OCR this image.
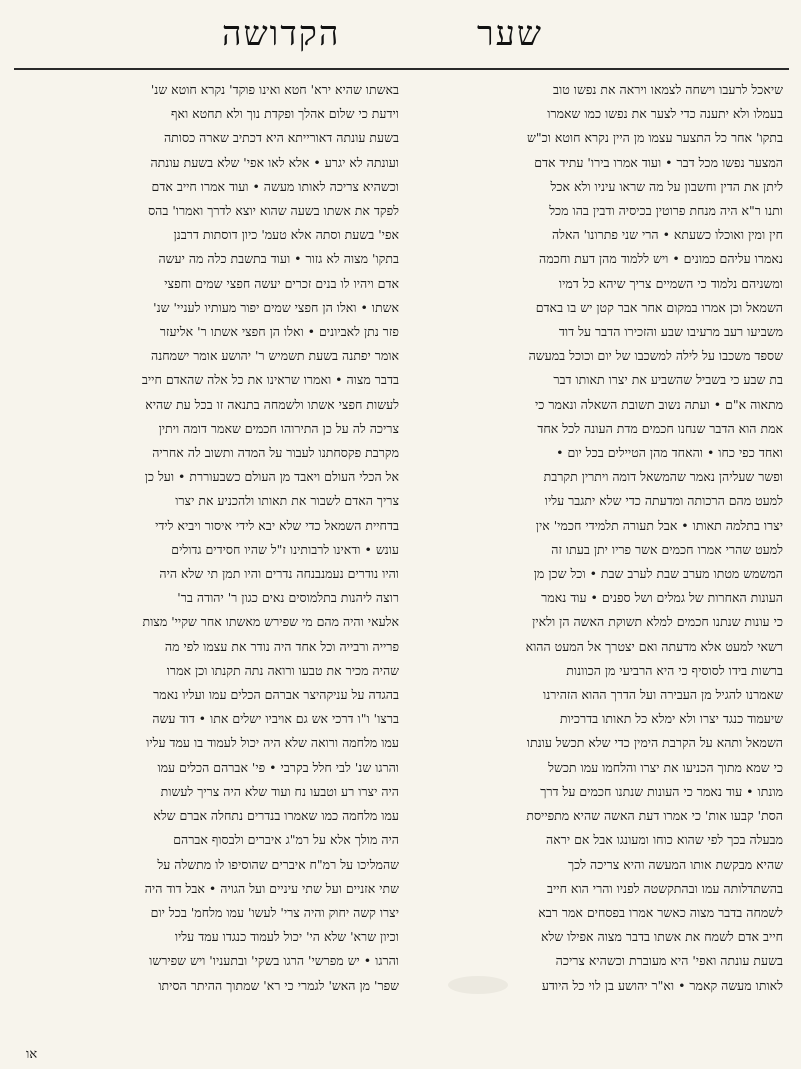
שער
הקדושה

שיאכל לרעבו וישחה לצמאו ויראה את נפשו טוב
בעמלו ולא יתענה כדי לצער את נפשו כמו שאמרו
בתקו' אחר כל התצער עצמו מן היין נקרא חוטא וכ"ש
המצער נפשו מכל דבר • ועוד אמרו בירו' עתיד אדם
ליתן את הדין וחשבון על מה שראו עיניו ולא אכל
ותנו ר"א היה מנחת פרוטין בכיסיה ודבין בהו מכל
חין ומין ואוכלו כשעתא • הרי שני פתרונו' האלה
נאמרו עליהם כמונים • ויש ללמוד מהן דעת וחכמה
ומשניהם נלמוד כי השמיים צריך שיהא כל דמיו
השמאל וכן אמרו במקום אחר אבר קטן יש בו באדם
משביעו רעב מרעיבו שבע והזכירו הדבר על דוד
שספד משכבו על לילה למשכבו של יום וכוכל במעשה
בת שבע כי בשביל שהשביע את יצרו תאותו דבר
מתאוה א"ם • ועתה נשוב תשובת השאלה ונאמר כי
אמת הוא הדבר שנחנו חכמים מדת העונה לכל אחד
ואחד כפי כחו • והאחד מהן הטיילים בכל יום •
ופשר שעליהן נאמר שהמשאל דומה ויתרין תקרבת
למעט מהם הרכותה ומדעתה כדי שלא יתגבר עליו
יצרו בתלמה תאותו • אבל תעורה תלמידי חכמי' אין
למעט שהרי אמרו חכמים אשר פריו יתן בעתו זה
המשמש מטתו מערב שבת לערב שבת • וכל שכן מן
העונות האחרות של גמלים ושל ספנים • עוד נאמר
כי עונות שנתנו חכמים למלא תשוקת האשה הן ולאין
רשאי למעט אלא מדעתה ואם יצטרך אל המעט ההוא
ברשות בידו לסוסיף כי היא הרביעי מן הכוונות
שאמרנו להגיל מן העבירה ועל הדרך ההוא הזהירנו
שיעמוד כנגד יצרו ולא ימלא כל תאותו בדרכיות
השמאל ותהא על הקרבת הימין כדי שלא תכשל עונתו
כי שמא מתוך הכניעו את יצרו והלחמו עמו תכשל
מונתו • עוד נאמר כי העונות שנתנו חכמים על דרך
הסת' קבעו אות' כי אמרו דעת האשה שהיא מתפייסת
מבעלה בכך לפי שהוא כוחו ומעונגו אבל אם יראה
שהיא מבקשת אותו המעשה והיא צריכה לכך
בהשתדלותה עמו ובהתקשטה לפניו והרי הוא חייב
לשמחה בדבר מצוה כאשר אמרו בפסחים אמר רבא
חייב אדם לשמח את אשתו בדבר מצוה אפילו שלא
בשעת עונתה ואפי' היא מעוברת וכשהיא צריכה
לאותו מעשה קאמר • וא"ר יהושע בן לוי כל היודע

באשתו שהיא ירא' חטא ואינו פוקד' נקרא חוטא שנ'
וידעת כי שלום אהלך ופקדת נוך ולא תחטא ואף
בשעת עונתה דאורייתא היא דכתיב שארה כסותה
ועונתה לא יגרע • אלא לאו אפי' שלא בשעת עונתה
וכשהיא צריכה לאותו מעשה • ועוד אמרו חייב אדם
לפקד את אשתו בשעה שהוא יוצא לדרך ואמרו' בהס
אפי' בשעת וסתה אלא טעמ' כיון דוסתות דרבנן
בתקו' מצוה לא גזור • ועוד בתשבת כלה מה יעשה
אדם ויהיו לו בנים זכרים יעשה חפצי שמים וחפצי
אשתו • ואלו הן חפצי שמים יפור מעותיו לעניי' שנ'
פזר נתן לאביונים • ואלו הן חפצי אשתו ר' אליעזר
אומר יפתנה בשעת תשמיש ר' יהושע אומר ישמחנה
בדבר מצוה • ואמרו שראינו את כל אלה שהאדם חייב
לעשות חפצי אשתו ולשמחה בתנאה זו בכל עת שהיא
צריכה לה על כן התירוהו חכמים שאמר דומה ויתין
מקרבת פקסחתנו לעבור על המדה ותשוב לה אחריה
אל הכלי העולם ויאבד מן העולם כשבעוררת • ועל כן
צריך האדם לשבור את תאותו ולהכניע את יצרו
בדחיית השמאל כדי שלא יבא לידי איסור ויביא לידי
עונש • ודאינו לרבותינו ז"ל שהיו חסידים גדולים
והיו נודרים נעמנבנחה נדרים והיו תמן תי שלא היה
רוצה ליהנות בתלמוסים נאים כגון ר' יהודה בר'
אלעאי והיה מהם מי שפירש מאשתו אחר שקיי' מצות
פרייה ורבייה וכל אחד היה נודר את עצמו לפי מה
שהיה מכיר את טבעו ורואה נתה תקנתו וכן אמרו
בהגדה על עניקהיצר אברהם הכלים עמו ועליו נאמר
ברצו' ו"ו דרכי אש גם אויביו ישלים אתו • דוד עשה
עמו מלחמה ורואה שלא היה יכול לעמוד בו עמד עליו
והרגו שנ' לבי חלל בקרבי • פי' אברהם הכלים עמו
היה יצרו רע וטבעו נח ועוד שלא היה צריך לעשות
עמו מלחמה כמו שאמרו בנדרים נתחלה אברם שלא
היה מולך אלא על רמ"ג איברים ולבסוף אברהם
שהמליכו על רמ"ח איברים שהוסיפו לו מתשלה על
שתי אזניים ועל שתי עיניים ועל הגויה • אבל דוד היה
יצרו קשה יחוק והיה צרי' לעשו' עמו מלחמ' בכל יום
וכיון שרא' שלא הי' יכול לעמוד כנגדו עמד עליו
והרגו • יש מפרשי' הרגו בשקי' ובתעניו' ויש שפירשו
שפר' מן האש' לגמרי כי רא' שמתוך ההיתר הסיתו

או
